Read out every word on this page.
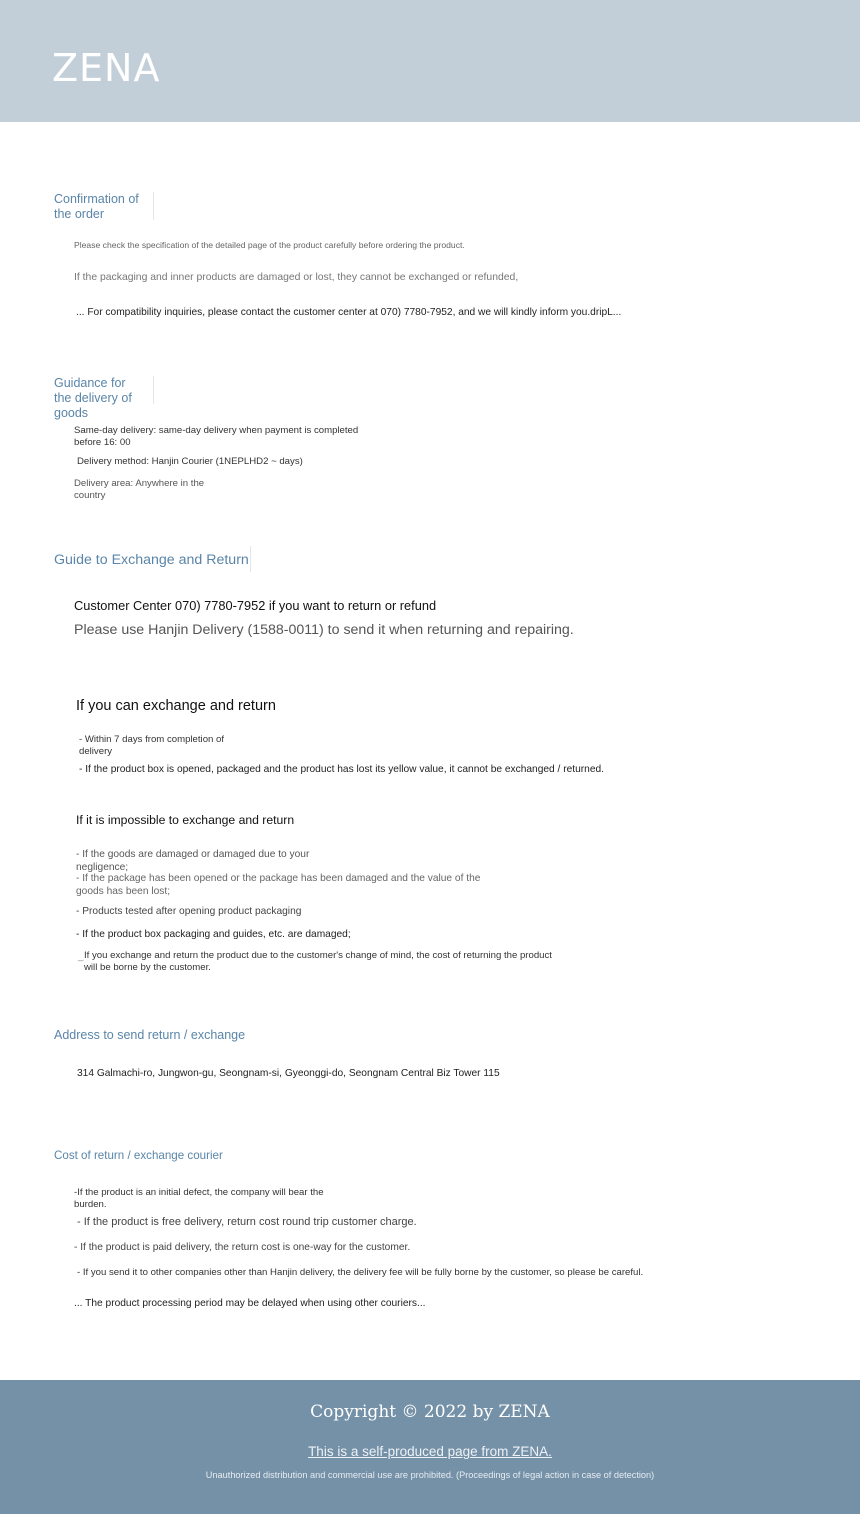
ZENA
Confirmation of the order
Please check the specification of the detailed page of the product carefully before ordering the product.
If the packaging and inner products are damaged or lost, they cannot be exchanged or refunded,
... For compatibility inquiries, please contact the customer center at 070) 7780-7952, and we will kindly inform you.dripL...
Guidance for the delivery of goods
Same-day delivery: same-day delivery when payment is completed before 16: 00
Delivery method: Hanjin Courier (1NEPLHD2 ~ days)
Delivery area: Anywhere in the country
Guide to Exchange and Return
Customer Center 070) 7780-7952 if you want to return or refund
Please use Hanjin Delivery (1588-0011) to send it when returning and repairing.
If you can exchange and return
- Within 7 days from completion of delivery
- If the product box is opened, packaged and the product has lost its yellow value, it cannot be exchanged / returned.
If it is impossible to exchange and return
- If the goods are damaged or damaged due to your negligence;
- If the package has been opened or the package has been damaged and the value of the goods has been lost;
- Products tested after opening product packaging
- If the product box packaging and guides, etc. are damaged;
_ If you exchange and return the product due to the customer's change of mind, the cost of returning the product will be borne by the customer.
Address to send return / exchange
314 Galmachi-ro, Jungwon-gu, Seongnam-si, Gyeonggi-do, Seongnam Central Biz Tower 115
Cost of return / exchange courier
-If the product is an initial defect, the company will bear the burden.
- If the product is free delivery, return cost round trip customer charge.
- If the product is paid delivery, the return cost is one-way for the customer.
- If you send it to other companies other than Hanjin delivery, the delivery fee will be fully borne by the customer, so please be careful.
... The product processing period may be delayed when using other couriers...
Copyright © 2022 by ZENA
This is a self-produced page from ZENA.
Unauthorized distribution and commercial use are prohibited. (Proceedings of legal action in case of detection)
